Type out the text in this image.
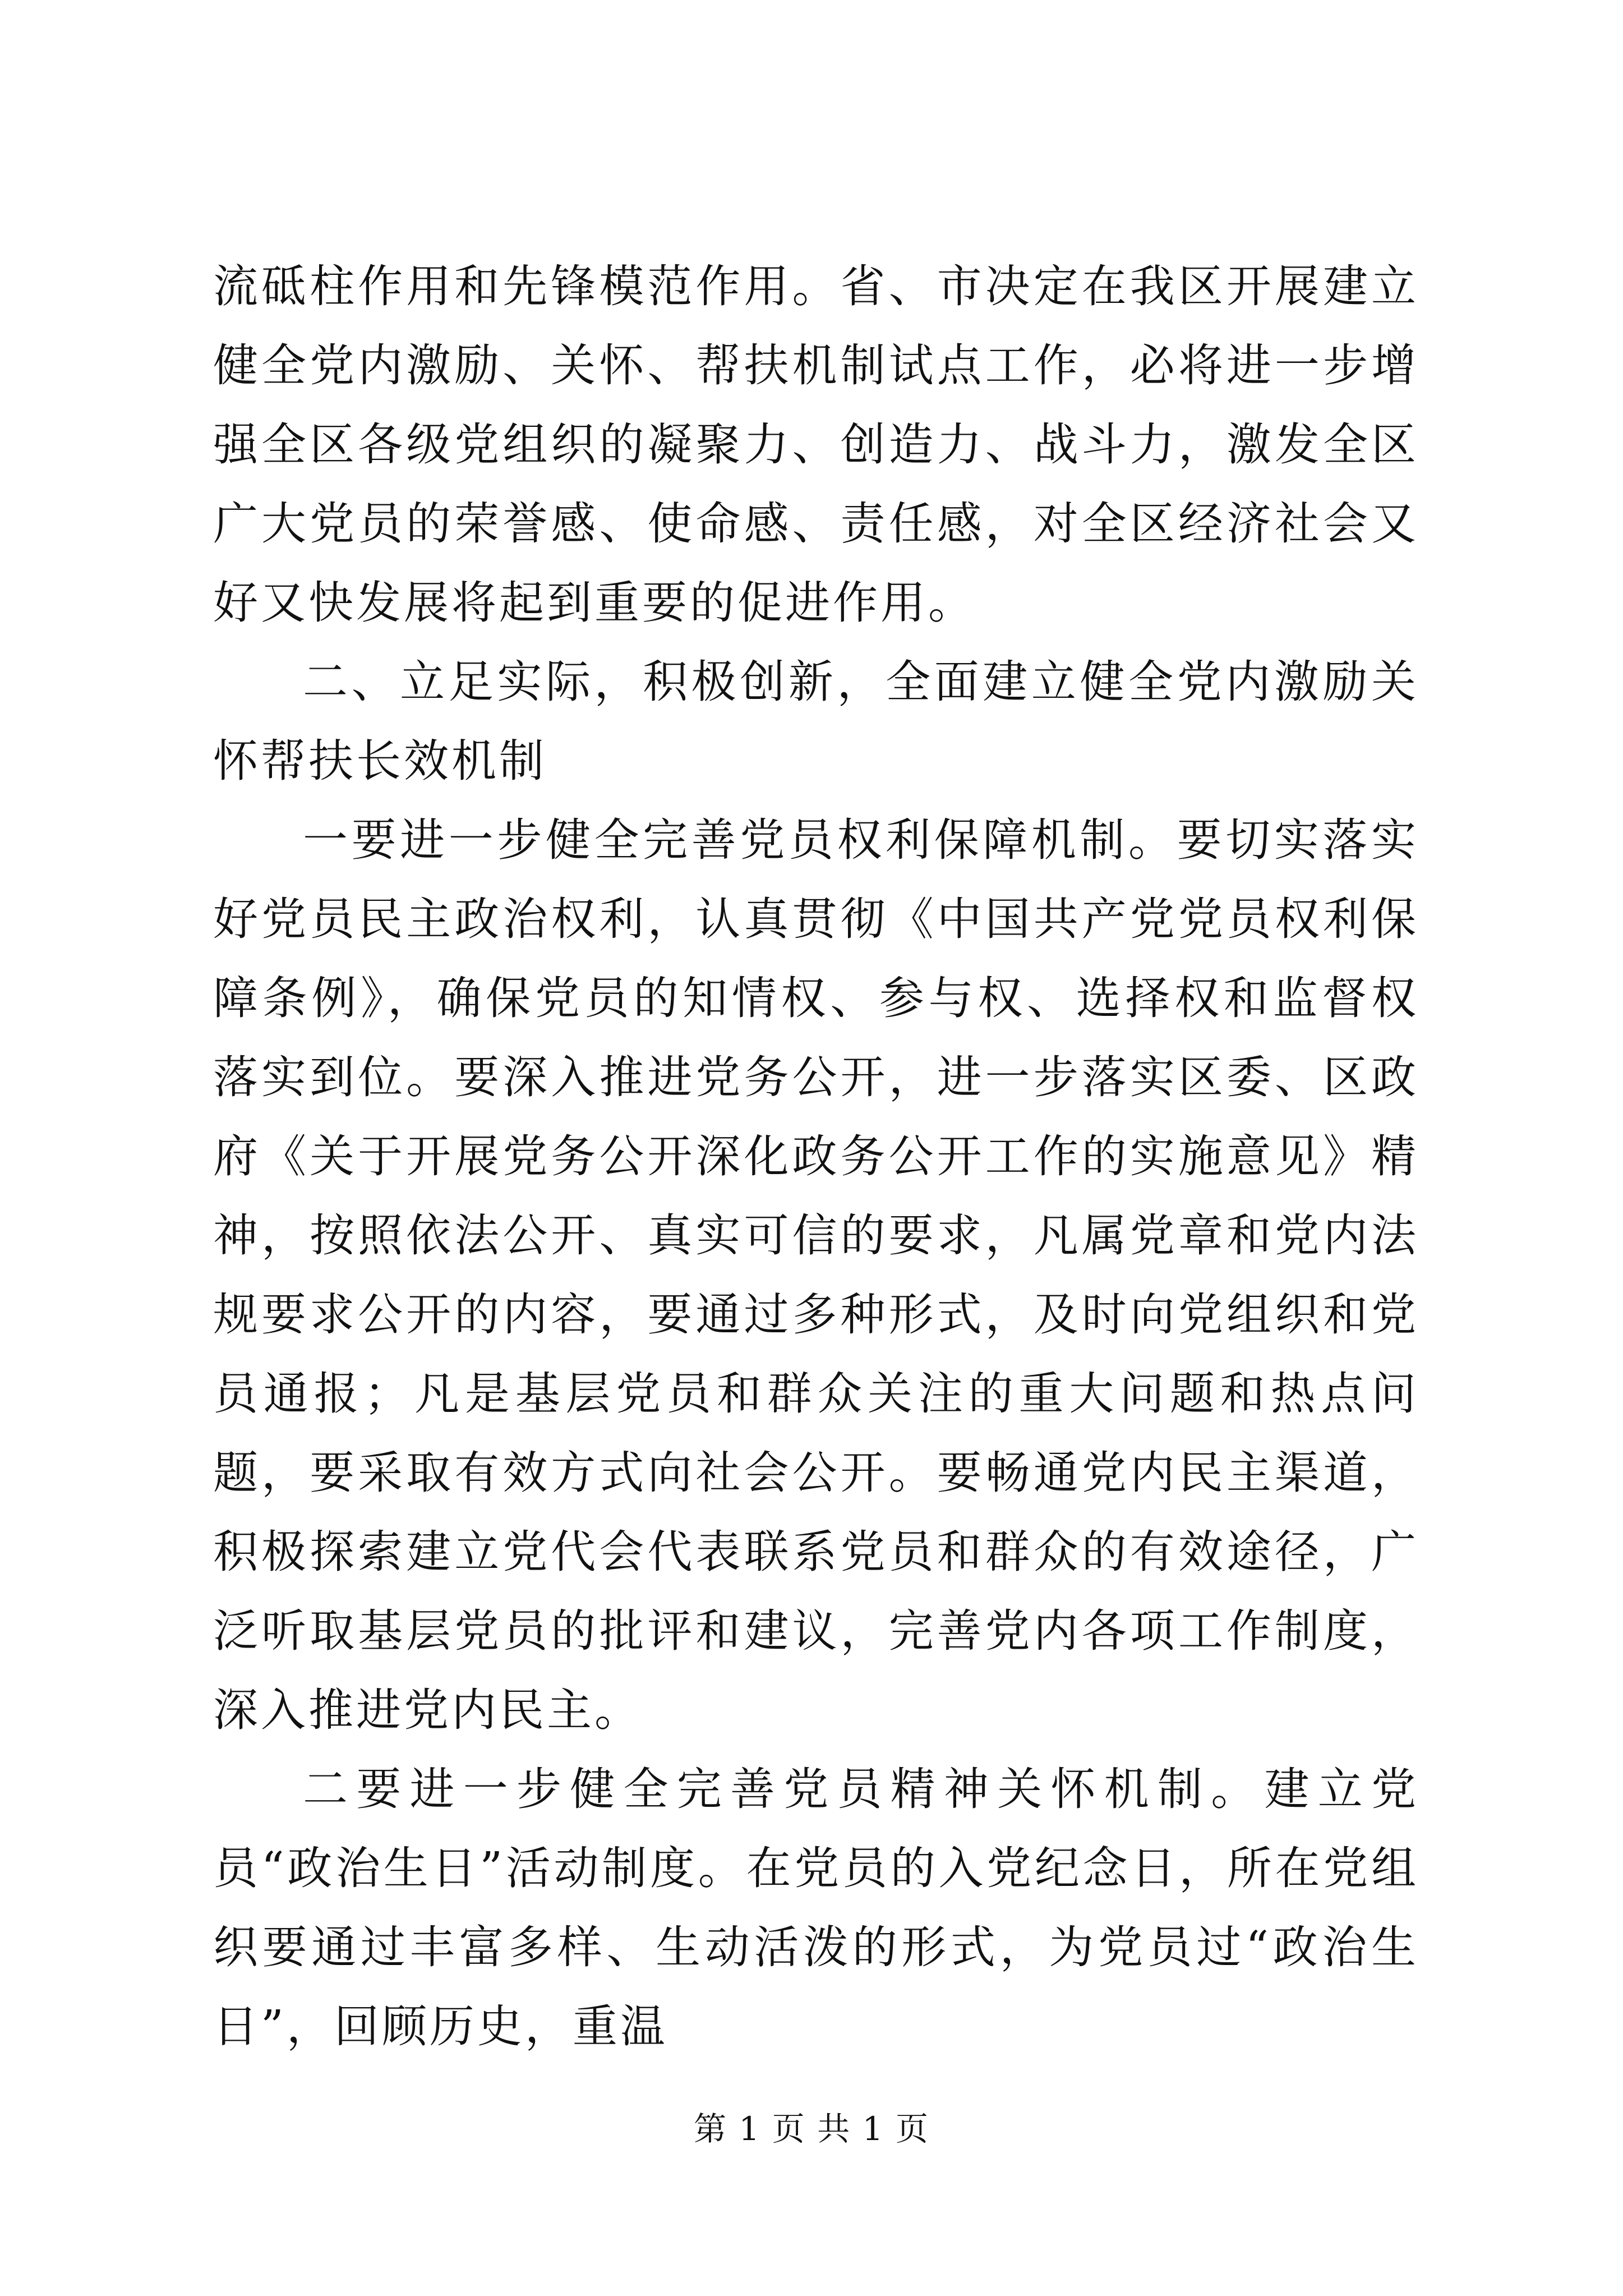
流砥柱作用和先锋模范作用。省、市决定在我区开展建立健全党内激励、关怀、帮扶机制试点工作，必将进一步增强全区各级党组织的凝聚力、创造力、战斗力，激发全区广大党员的荣誉感、使命感、责任感，对全区经济社会又好又快发展将起到重要的促进作用。

二、立足实际，积极创新，全面建立健全党内激励关怀帮扶长效机制

一要进一步健全完善党员权利保障机制。要切实落实好党员民主政治权利，认真贯彻《中国共产党党员权利保障条例》，确保党员的知情权、参与权、选择权和监督权落实到位。要深入推进党务公开，进一步落实区委、区政府《关于开展党务公开深化政务公开工作的实施意见》精神，按照依法公开、真实可信的要求，凡属党章和党内法规要求公开的内容，要通过多种形式，及时向党组织和党员通报；凡是基层党员和群众关注的重大问题和热点问题，要采取有效方式向社会公开。要畅通党内民主渠道，积极探索建立党代会代表联系党员和群众的有效途径，广泛听取基层党员的批评和建议，完善党内各项工作制度，深入推进党内民主。

二要进一步健全完善党员精神关怀机制。建立党员“政治生日”活动制度。在党员的入党纪念日，所在党组织要通过丰富多样、生动活泼的形式，为党员过“政治生日”，回顾历史，重温

第 1 页 共 1 页
